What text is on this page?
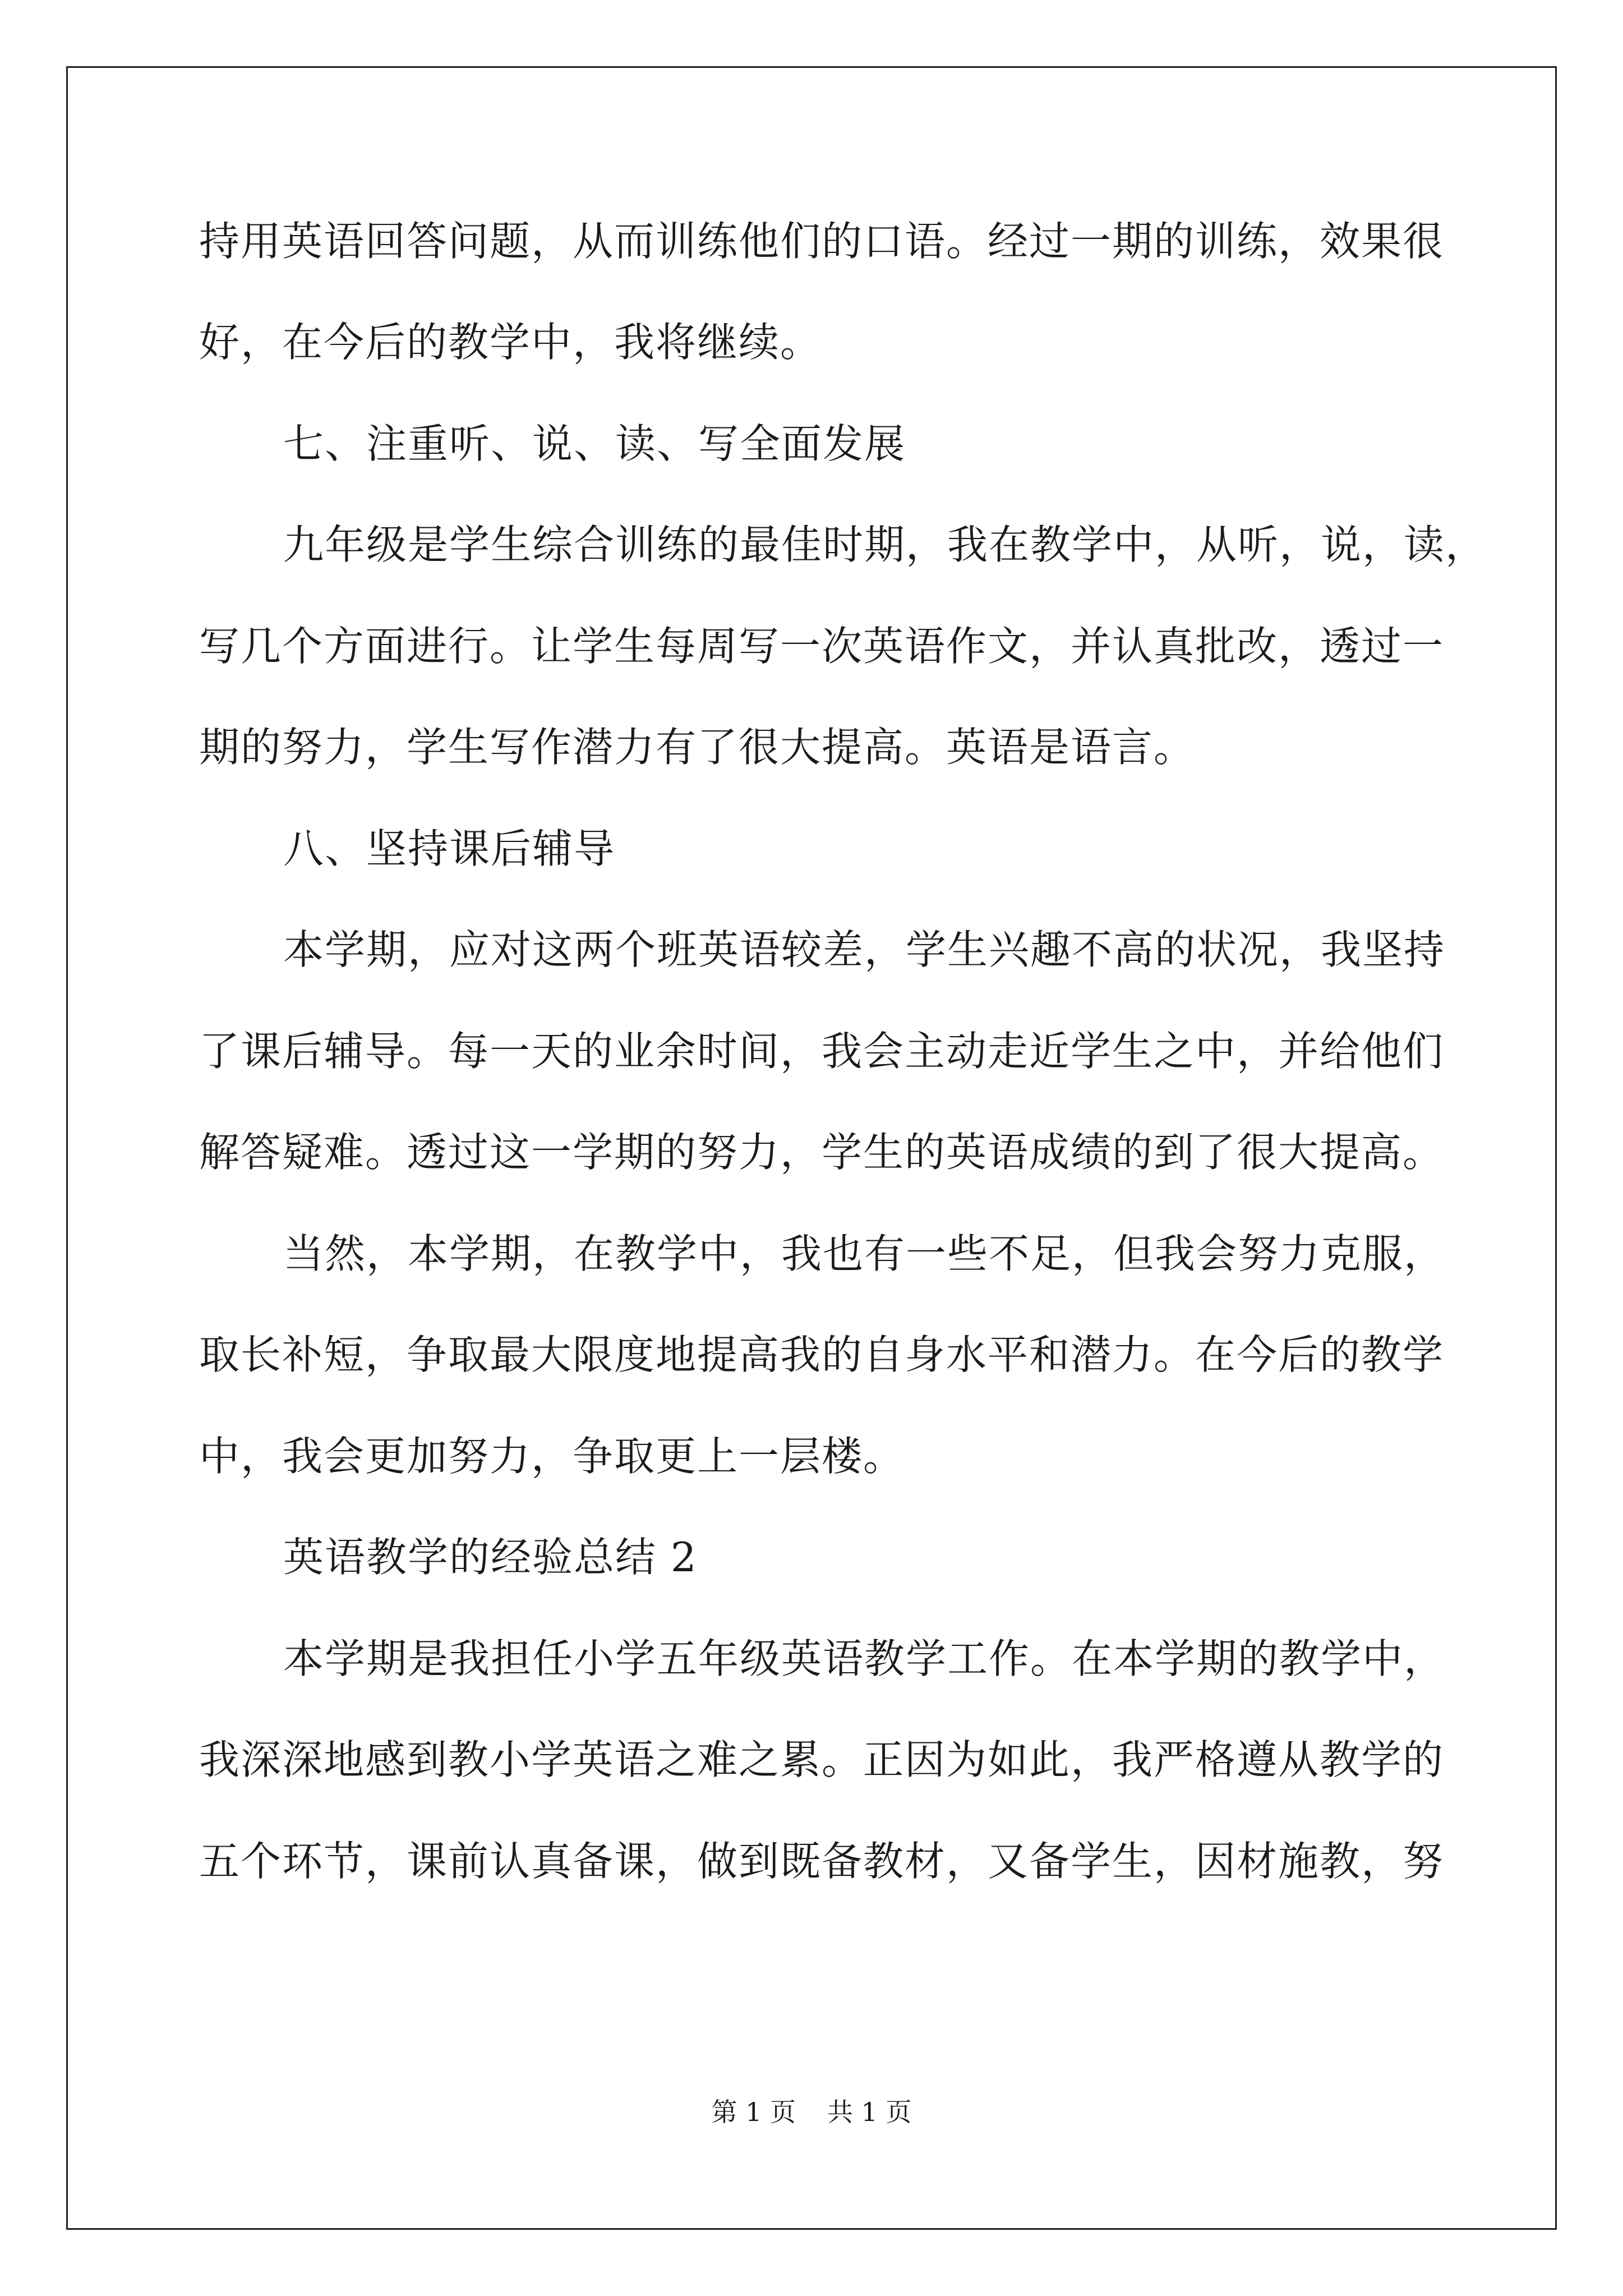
持用英语回答问题，从而训练他们的口语。经过一期的训练，效果很
好，在今后的教学中，我将继续。
七、注重听、说、读、写全面发展
九年级是学生综合训练的最佳时期，我在教学中，从听，说，读，
写几个方面进行。让学生每周写一次英语作文，并认真批改，透过一
期的努力，学生写作潜力有了很大提高。英语是语言。
八、坚持课后辅导
本学期，应对这两个班英语较差，学生兴趣不高的状况，我坚持
了课后辅导。每一天的业余时间，我会主动走近学生之中，并给他们
解答疑难。透过这一学期的努力，学生的英语成绩的到了很大提高。
当然，本学期，在教学中，我也有一些不足，但我会努力克服，
取长补短，争取最大限度地提高我的自身水平和潜力。在今后的教学
中，我会更加努力，争取更上一层楼。
英语教学的经验总结 2
本学期是我担任小学五年级英语教学工作。在本学期的教学中，
我深深地感到教小学英语之难之累。正因为如此，我严格遵从教学的
五个环节，课前认真备课，做到既备教材，又备学生，因材施教，努
第 1 页 共 1 页
